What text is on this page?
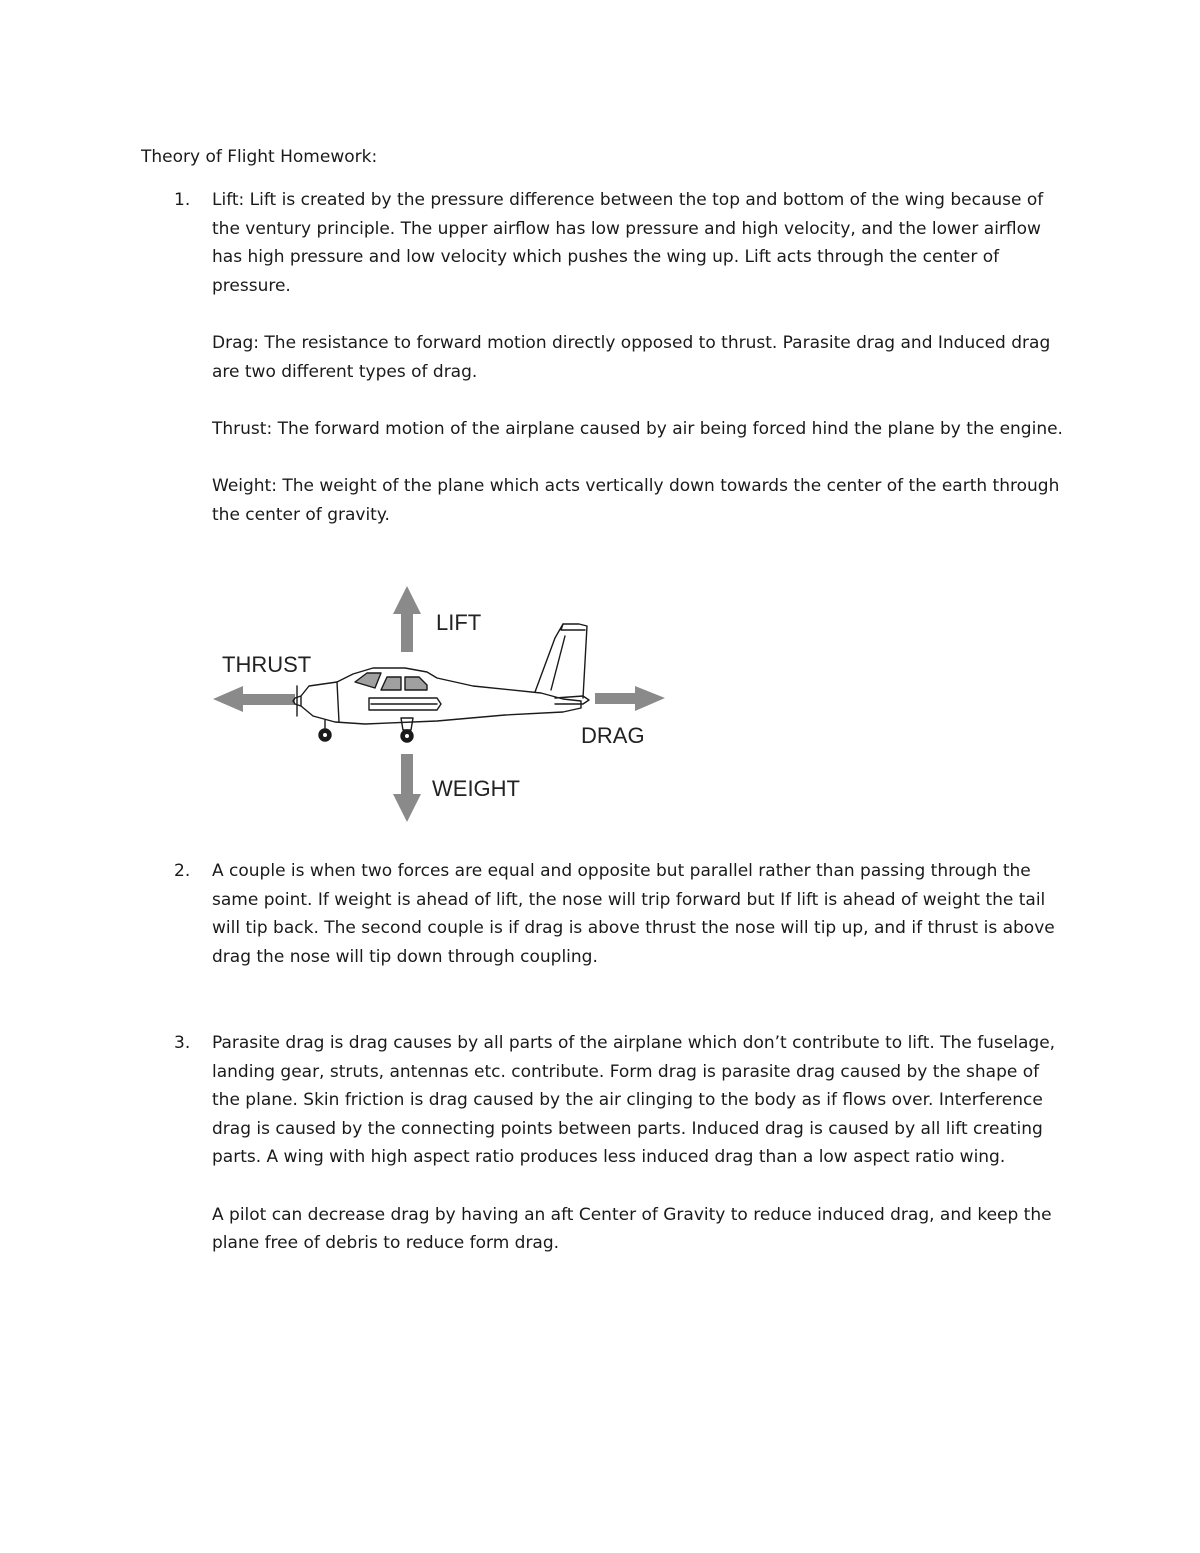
Theory of Flight Homework:
1. Lift: Lift is created by the pressure difference between the top and bottom of the wing because of the ventury principle. The upper airflow has low pressure and high velocity, and the lower airflow has high pressure and low velocity which pushes the wing up. Lift acts through the center of pressure.

Drag: The resistance to forward motion directly opposed to thrust. Parasite drag and Induced drag are two different types of drag.

Thrust: The forward motion of the airplane caused by air being forced hind the plane by the engine.

Weight: The weight of the plane which acts vertically down towards the center of the earth through the center of gravity.

LIFT
THRUST
DRAG
WEIGHT
2. A couple is when two forces are equal and opposite but parallel rather than passing through the same point. If weight is ahead of lift, the nose will trip forward but If lift is ahead of weight the tail will tip back. The second couple is if drag is above thrust the nose will tip up, and if thrust is above drag the nose will tip down through coupling.

3. Parasite drag is drag causes by all parts of the airplane which don’t contribute to lift. The fuselage, landing gear, struts, antennas etc. contribute. Form drag is parasite drag caused by the shape of the plane. Skin friction is drag caused by the air clinging to the body as if flows over. Interference drag is caused by the connecting points between parts. Induced drag is caused by all lift creating parts. A wing with high aspect ratio produces less induced drag than a low aspect ratio wing.

A pilot can decrease drag by having an aft Center of Gravity to reduce induced drag, and keep the plane free of debris to reduce form drag.
